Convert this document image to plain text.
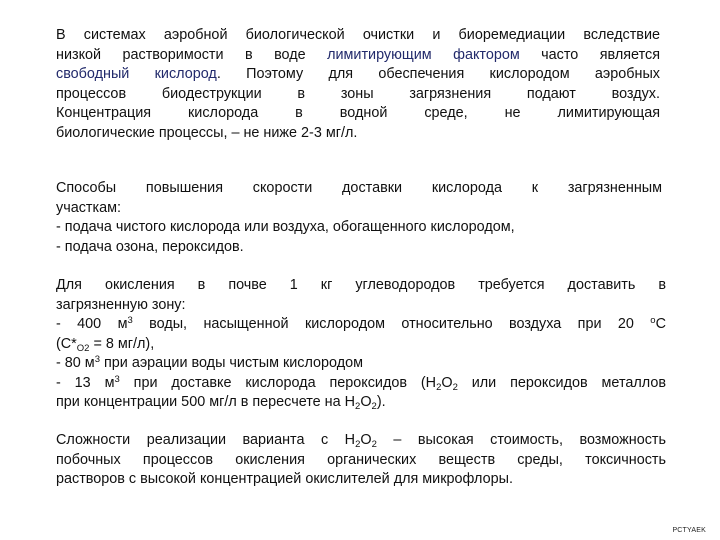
В системах аэробной биологической очистки и биоремедиации вследствие
низкой растворимости в воде лимитирующим фактором часто является
свободный кислород. Поэтому для обеспечения кислородом аэробных
процессов биодеструкции в зоны загрязнения подают воздух.
Концентрация кислорода в водной среде, не лимитирующая
биологические процессы, – не ниже 2-3 мг/л.
Способы повышения скорости доставки кислорода к загрязненным
участкам:
- подача чистого кислорода или воздуха, обогащенного кислородом,
- подача озона, пероксидов.
Для окисления в почве 1 кг углеводородов требуется доставить в
загрязненную зону:
- 400 $м^3$ воды, насыщенной кислородом относительно воздуха при 20 $^о$С
($С*_{О2} = 8$ мг/л),
- 80 $м^3$ при аэрации воды чистым кислородом
- 13 $м^3$ при доставке кислорода пероксидов ($Н_2О_2$ или пероксидов металлов
при концентрации 500 мг/л в пересчете на $Н_2О_2$).
Сложности реализации варианта с $Н_2О_2$ – высокая стоимость, возможность
побочных процессов окисления органических веществ среды, токсичность
растворов с высокой концентрацией окислителей для микрофлоры.
PCTYAEK
